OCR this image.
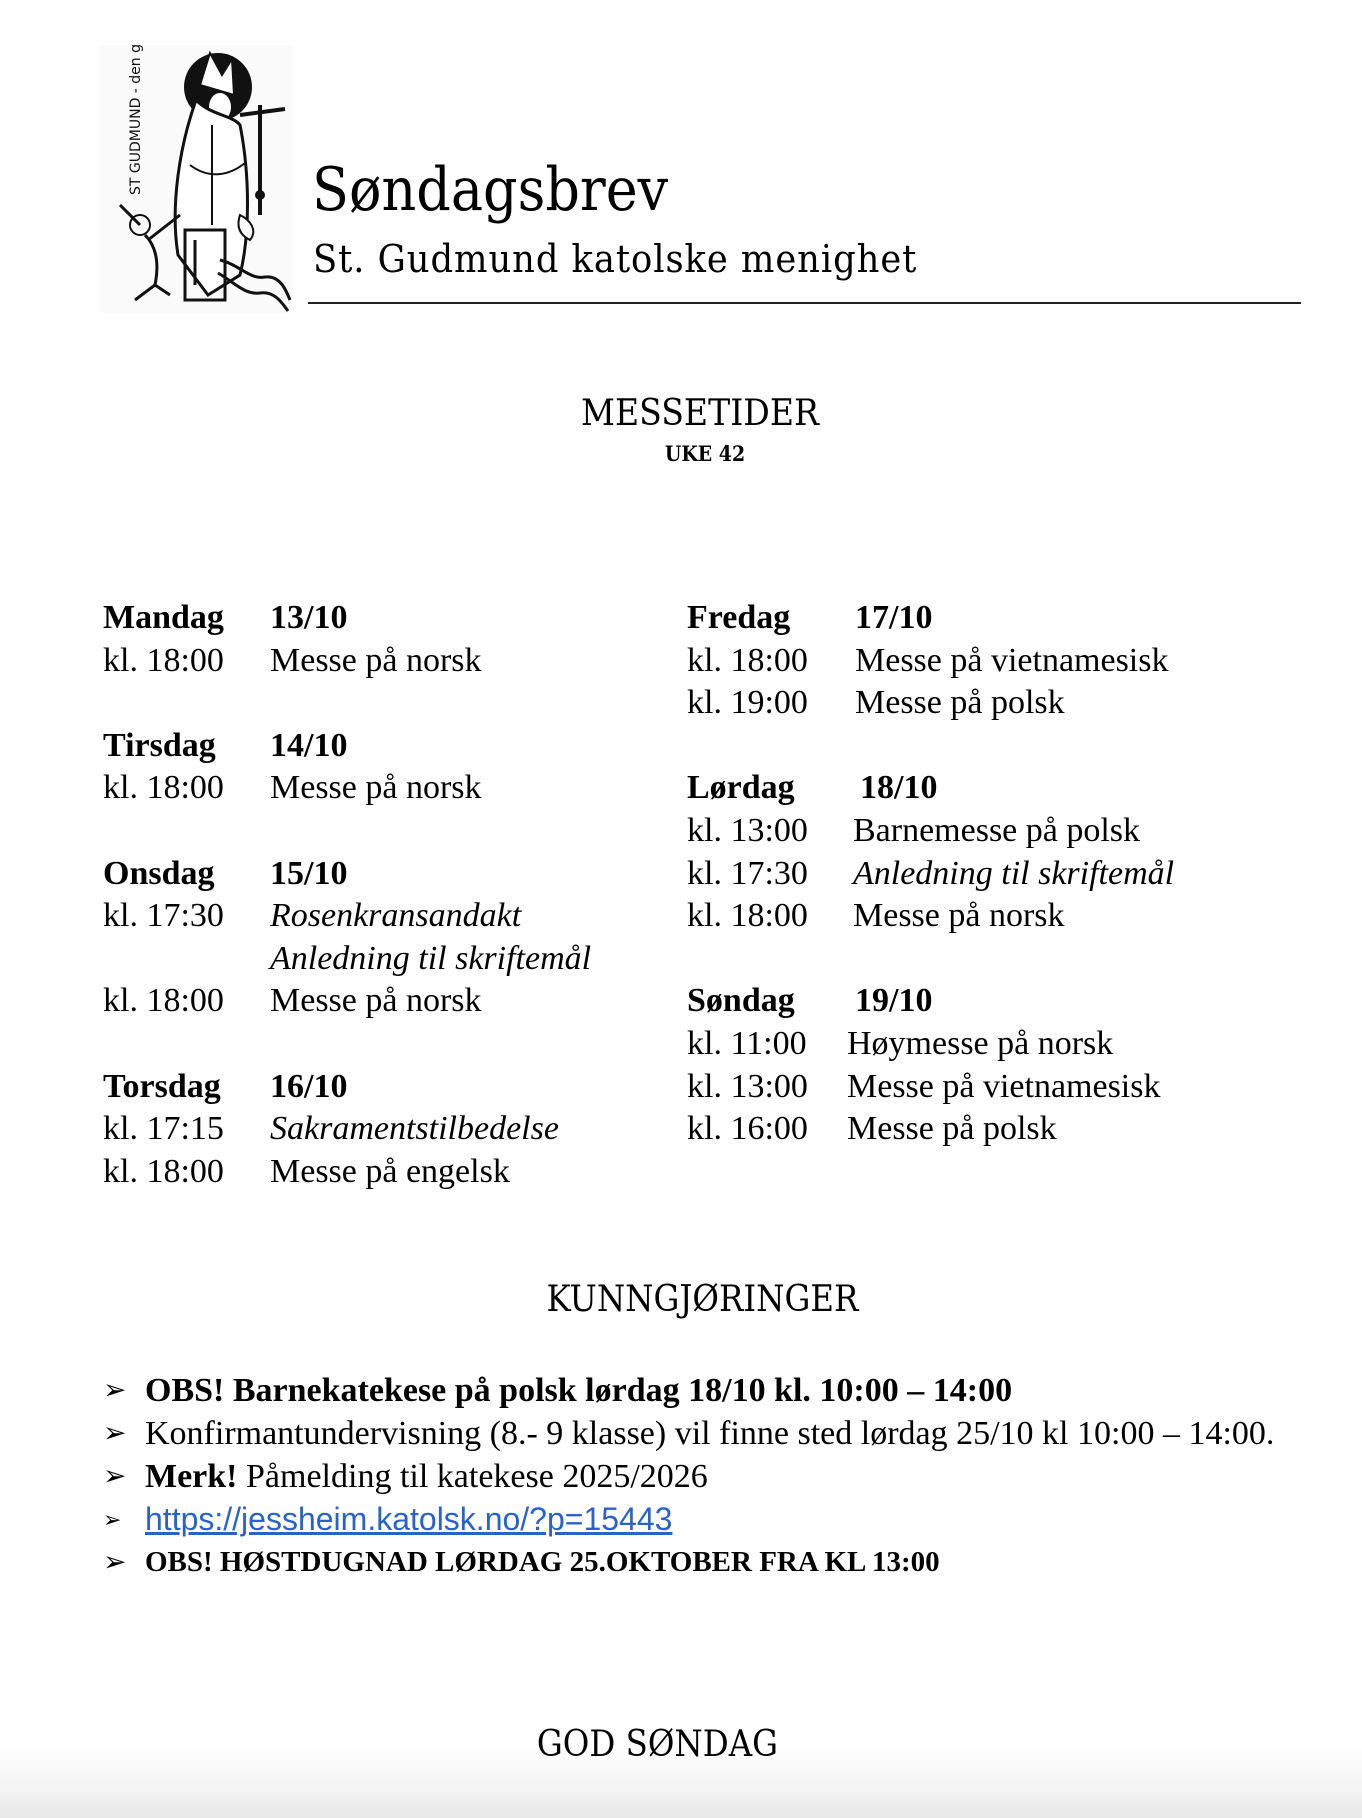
ST GUDMUND - den gode	Søndagsbrev
St. Gudmund katolske menighet
MESSETIDER
UKE 42
Mandag	13/10
kl. 18:00	Messe på norsk
Tirsdag	14/10
kl. 18:00	Messe på norsk
Onsdag	15/10
kl. 17:30	Rosenkransandakt
Anledning til skriftemål
kl. 18:00	Messe på norsk
Torsdag	16/10
kl. 17:15	Sakramentstilbedelse
kl. 18:00	Messe på engelsk
Fredag	17/10
kl. 18:00	Messe på vietnamesisk
kl. 19:00	Messe på polsk
Lørdag	18/10
kl. 13:00	Barnemesse på polsk
kl. 17:30	Anledning til skriftemål
kl. 18:00	Messe på norsk
Søndag	19/10
kl. 11:00	Høymesse på norsk
kl. 13:00	Messe på vietnamesisk
kl. 16:00	Messe på polsk
KUNNGJØRINGER
➢ OBS! Barnekatekese på polsk lørdag 18/10 kl. 10:00 – 14:00
➢ Konfirmantundervisning (8.- 9 klasse) vil finne sted lørdag 25/10 kl 10:00 – 14:00.
➢ Merk! Påmelding til katekese 2025/2026
➢ https://jessheim.katolsk.no/?p=15443
➢ OBS! HØSTDUGNAD LØRDAG 25.OKTOBER FRA KL 13:00
GOD SØNDAG
